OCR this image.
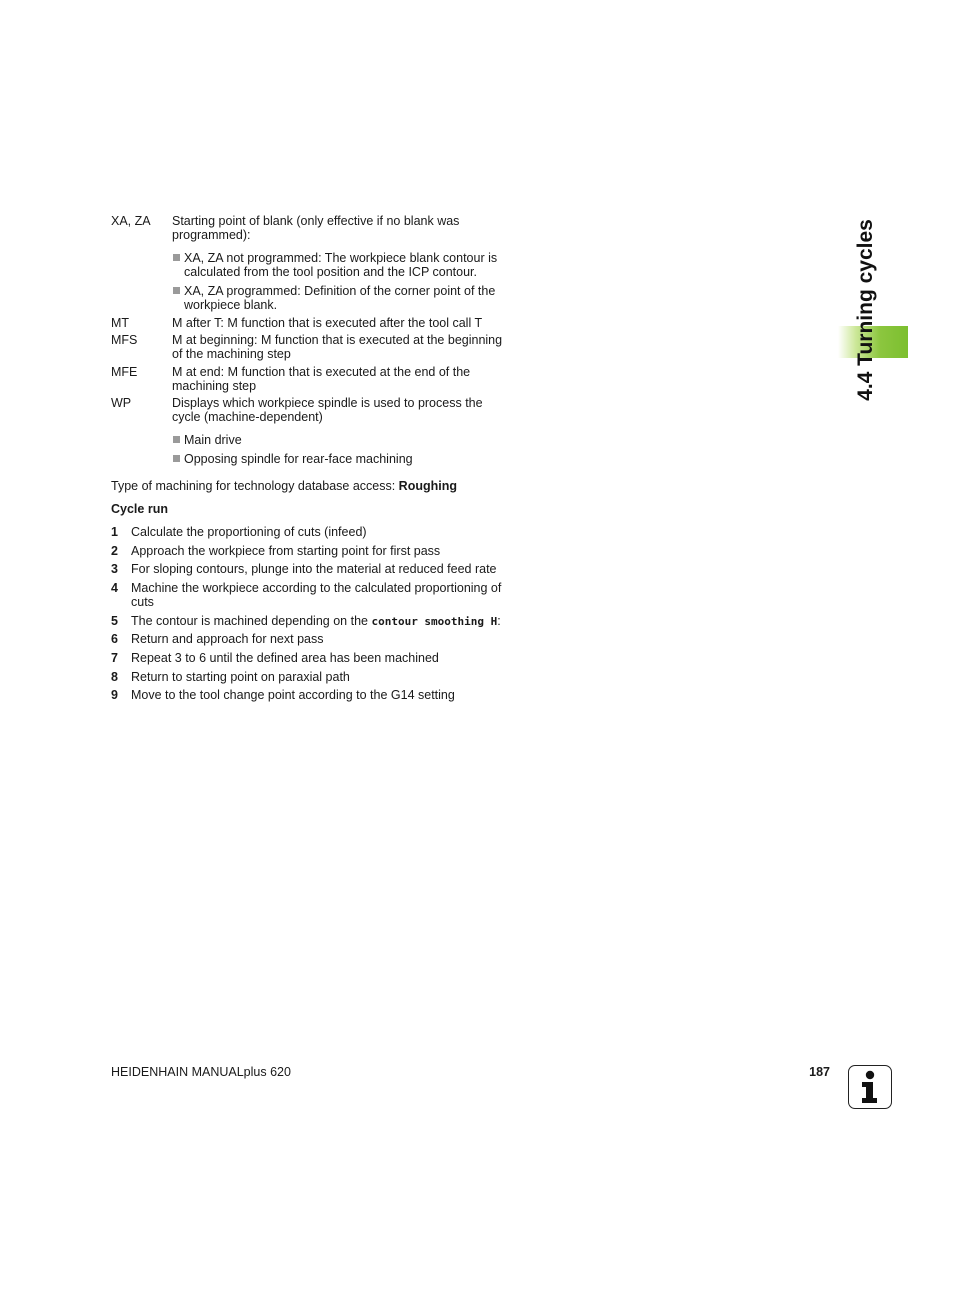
4.4 Turning cycles
XA, ZA Starting point of blank (only effective if no blank was programmed):
XA, ZA not programmed: The workpiece blank contour is calculated from the tool position and the ICP contour.
XA, ZA programmed: Definition of the corner point of the workpiece blank.
MT	M after T: M function that is executed after the tool call T
MFS	M at beginning: M function that is executed at the beginning of the machining step
MFE	M at end: M function that is executed at the end of the machining step
WP	Displays which workpiece spindle is used to process the cycle (machine-dependent)
Main drive
Opposing spindle for rear-face machining
Type of machining for technology database access: Roughing
Cycle run
1 Calculate the proportioning of cuts (infeed)
2 Approach the workpiece from starting point for first pass
3 For sloping contours, plunge into the material at reduced feed rate
4 Machine the workpiece according to the calculated proportioning of cuts
5 The contour is machined depending on the contour smoothing H:
6 Return and approach for next pass
7 Repeat 3 to 6 until the defined area has been machined
8 Return to starting point on paraxial path
9 Move to the tool change point according to the G14 setting
HEIDENHAIN MANUALplus 620	187
